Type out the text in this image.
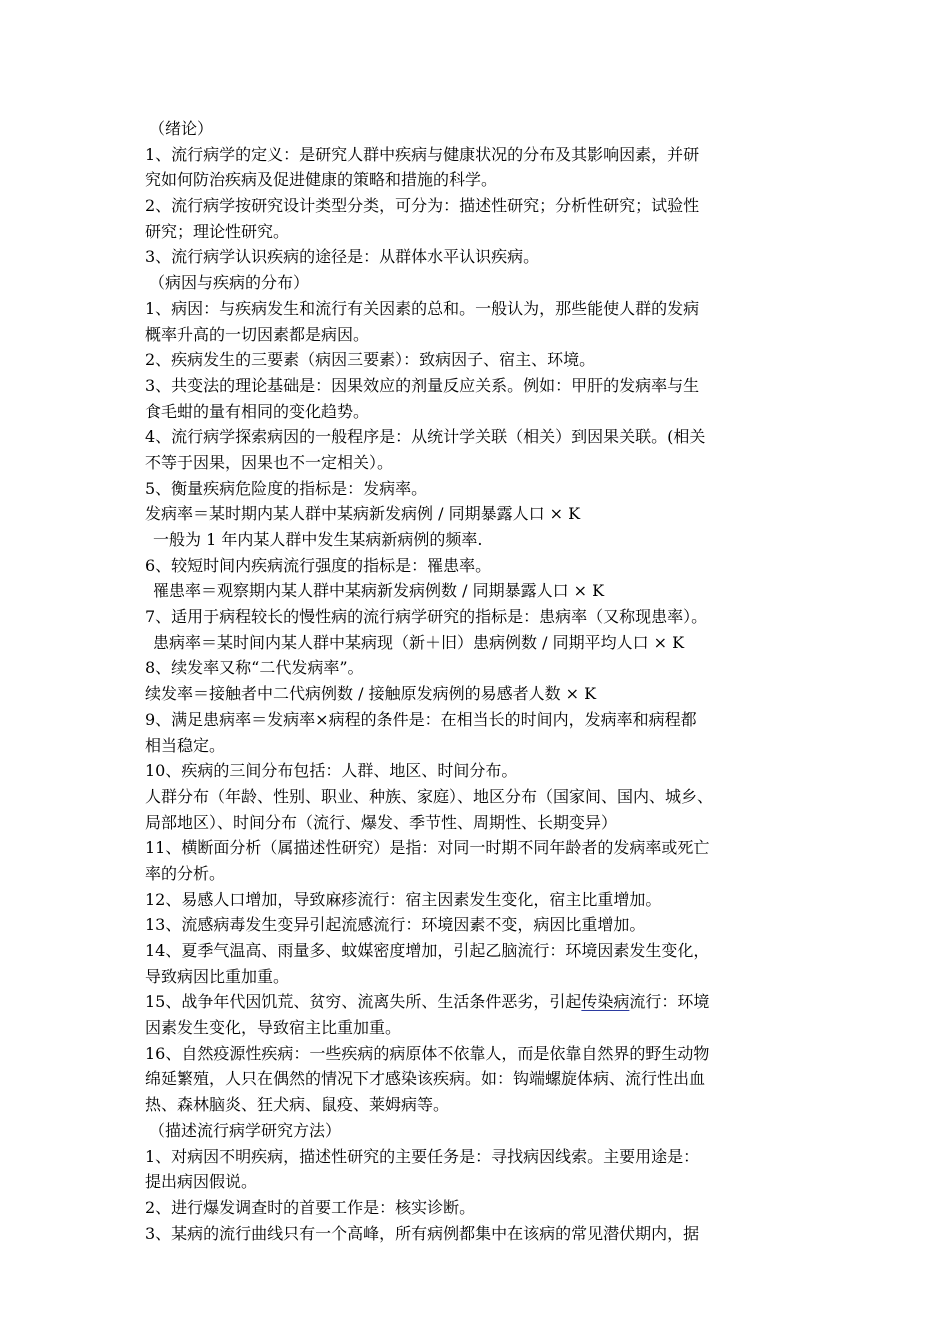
（绪论）
1、流行病学的定义：是研究人群中疾病与健康状况的分布及其影响因素，并研
究如何防治疾病及促进健康的策略和措施的科学。
2、流行病学按研究设计类型分类，可分为：描述性研究；分析性研究；试验性
研究；理论性研究。
3、流行病学认识疾病的途径是：从群体水平认识疾病。
（病因与疾病的分布）
1、病因：与疾病发生和流行有关因素的总和。一般认为，那些能使人群的发病
概率升高的一切因素都是病因。
2、疾病发生的三要素（病因三要素）：致病因子、宿主、环境。
3、共变法的理论基础是：因果效应的剂量反应关系。例如：甲肝的发病率与生
食毛蚶的量有相同的变化趋势。
4、流行病学探索病因的一般程序是：从统计学关联（相关）到因果关联。(相关
不等于因果，因果也不一定相关）。
5、衡量疾病危险度的指标是：发病率。
发病率＝某时期内某人群中某病新发病例 / 同期暴露人口 × K
一般为 1 年内某人群中发生某病新病例的频率.
6、较短时间内疾病流行强度的指标是：罹患率。
罹患率＝观察期内某人群中某病新发病例数 / 同期暴露人口 × K
7、适用于病程较长的慢性病的流行病学研究的指标是：患病率（又称现患率）。
患病率＝某时间内某人群中某病现（新＋旧）患病例数 / 同期平均人口 × K
8、续发率又称“二代发病率”。
续发率＝接触者中二代病例数 / 接触原发病例的易感者人数 × K
9、满足患病率＝发病率×病程的条件是：在相当长的时间内，发病率和病程都
相当稳定。
10、疾病的三间分布包括：人群、地区、时间分布。
人群分布（年龄、性别、职业、种族、家庭）、地区分布（国家间、国内、城乡、
局部地区）、时间分布（流行、爆发、季节性、周期性、长期变异）
11、横断面分析（属描述性研究）是指：对同一时期不同年龄者的发病率或死亡
率的分析。
12、易感人口增加，导致麻疹流行：宿主因素发生变化，宿主比重增加。
13、流感病毒发生变异引起流感流行：环境因素不变，病因比重增加。
14、夏季气温高、雨量多、蚊媒密度增加，引起乙脑流行：环境因素发生变化，
导致病因比重加重。
15、战争年代因饥荒、贫穷、流离失所、生活条件恶劣，引起传染病流行：环境
因素发生变化，导致宿主比重加重。
16、自然疫源性疾病：一些疾病的病原体不依靠人，而是依靠自然界的野生动物
绵延繁殖，人只在偶然的情况下才感染该疾病。如：钩端螺旋体病、流行性出血
热、森林脑炎、狂犬病、鼠疫、莱姆病等。
（描述流行病学研究方法）
1、对病因不明疾病，描述性研究的主要任务是：寻找病因线索。主要用途是：
提出病因假说。
2、进行爆发调查时的首要工作是：核实诊断。
3、某病的流行曲线只有一个高峰，所有病例都集中在该病的常见潜伏期内，据
